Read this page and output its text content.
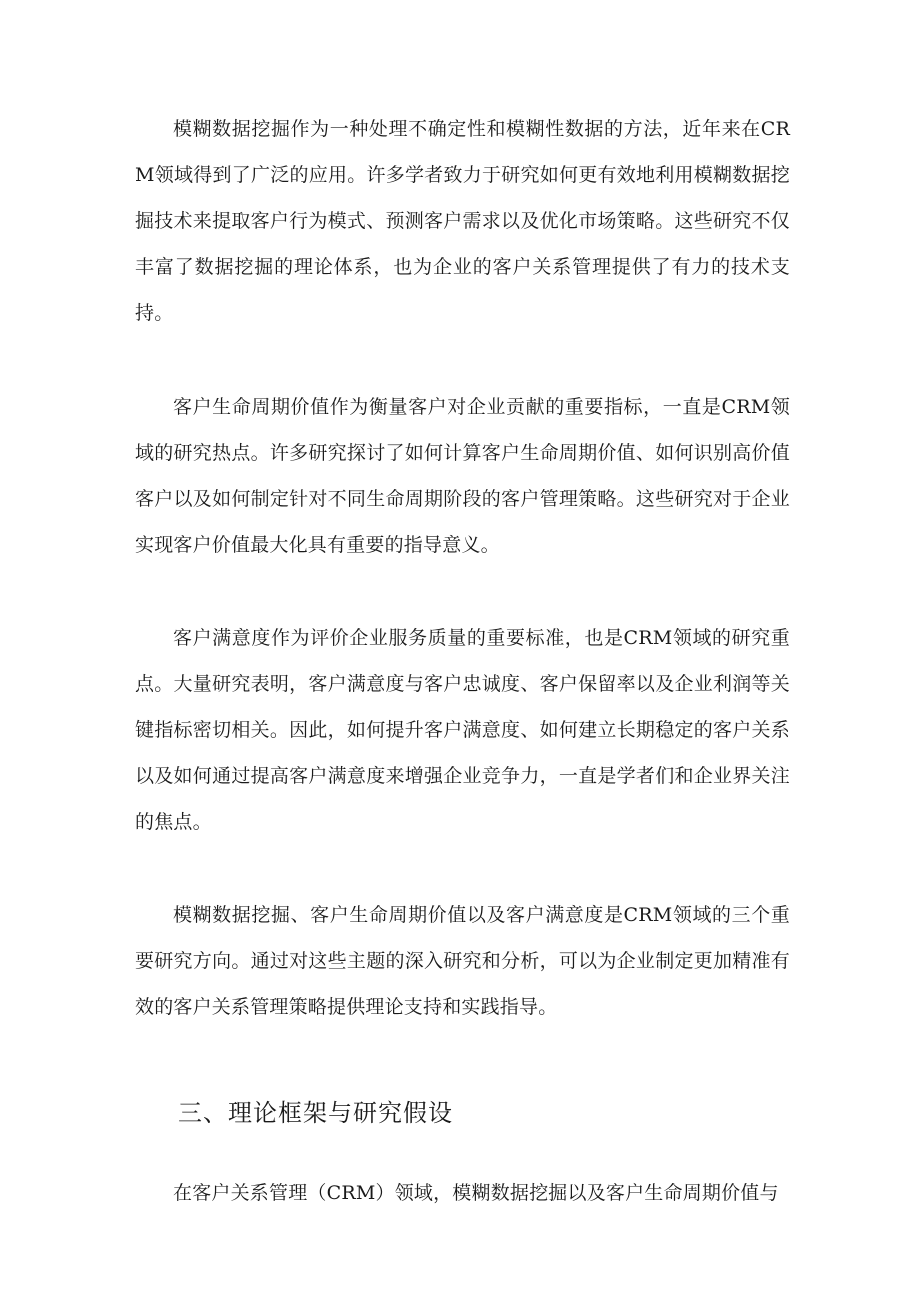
模糊数据挖掘作为一种处理不确定性和模糊性数据的方法，近年来在CRM领域得到了广泛的应用。许多学者致力于研究如何更有效地利用模糊数据挖掘技术来提取客户行为模式、预测客户需求以及优化市场策略。这些研究不仅丰富了数据挖掘的理论体系，也为企业的客户关系管理提供了有力的技术支持。

客户生命周期价值作为衡量客户对企业贡献的重要指标，一直是CRM领域的研究热点。许多研究探讨了如何计算客户生命周期价值、如何识别高价值客户以及如何制定针对不同生命周期阶段的客户管理策略。这些研究对于企业实现客户价值最大化具有重要的指导意义。

客户满意度作为评价企业服务质量的重要标准，也是CRM领域的研究重点。大量研究表明，客户满意度与客户忠诚度、客户保留率以及企业利润等关键指标密切相关。因此，如何提升客户满意度、如何建立长期稳定的客户关系以及如何通过提高客户满意度来增强企业竞争力，一直是学者们和企业界关注的焦点。

模糊数据挖掘、客户生命周期价值以及客户满意度是CRM领域的三个重要研究方向。通过对这些主题的深入研究和分析，可以为企业制定更加精准有效的客户关系管理策略提供理论支持和实践指导。

三、理论框架与研究假设

在客户关系管理（CRM）领域，模糊数据挖掘以及客户生命周期价值与
